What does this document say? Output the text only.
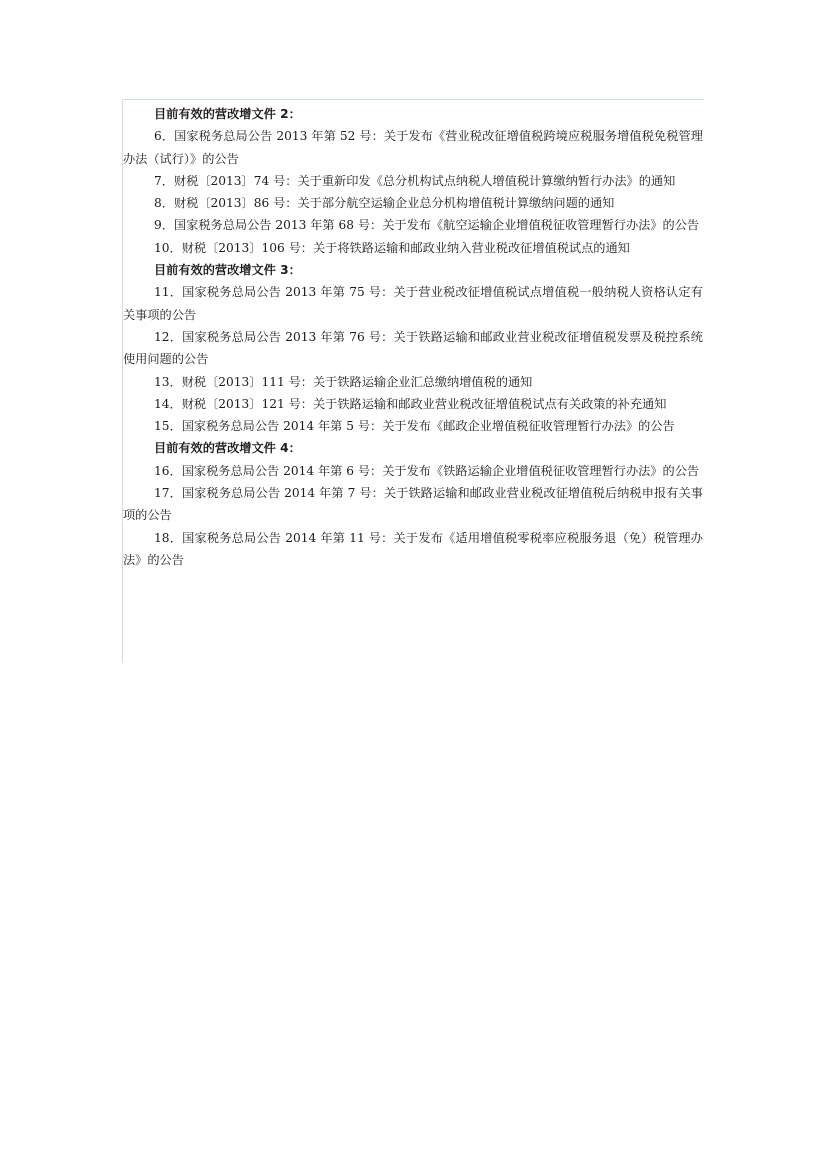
目前有效的营改增文件 2：
6．国家税务总局公告 2013 年第 52 号：关于发布《营业税改征增值税跨境应税服务增值税免税管理办法（试行）》的公告
7．财税〔2013〕74 号：关于重新印发《总分机构试点纳税人增值税计算缴纳暂行办法》的通知
8．财税〔2013〕86 号：关于部分航空运输企业总分机构增值税计算缴纳问题的通知
9．国家税务总局公告 2013 年第 68 号：关于发布《航空运输企业增值税征收管理暂行办法》的公告
10．财税〔2013〕106 号：关于将铁路运输和邮政业纳入营业税改征增值税试点的通知
目前有效的营改增文件 3：
11．国家税务总局公告 2013 年第 75 号：关于营业税改征增值税试点增值税一般纳税人资格认定有关事项的公告
12．国家税务总局公告 2013 年第 76 号：关于铁路运输和邮政业营业税改征增值税发票及税控系统使用问题的公告
13．财税〔2013〕111 号：关于铁路运输企业汇总缴纳增值税的通知
14．财税〔2013〕121 号：关于铁路运输和邮政业营业税改征增值税试点有关政策的补充通知
15．国家税务总局公告 2014 年第 5 号：关于发布《邮政企业增值税征收管理暂行办法》的公告
目前有效的营改增文件 4：
16．国家税务总局公告 2014 年第 6 号：关于发布《铁路运输企业增值税征收管理暂行办法》的公告
17．国家税务总局公告 2014 年第 7 号：关于铁路运输和邮政业营业税改征增值税后纳税申报有关事项的公告
18．国家税务总局公告 2014 年第 11 号：关于发布《适用增值税零税率应税服务退（免）税管理办法》的公告
